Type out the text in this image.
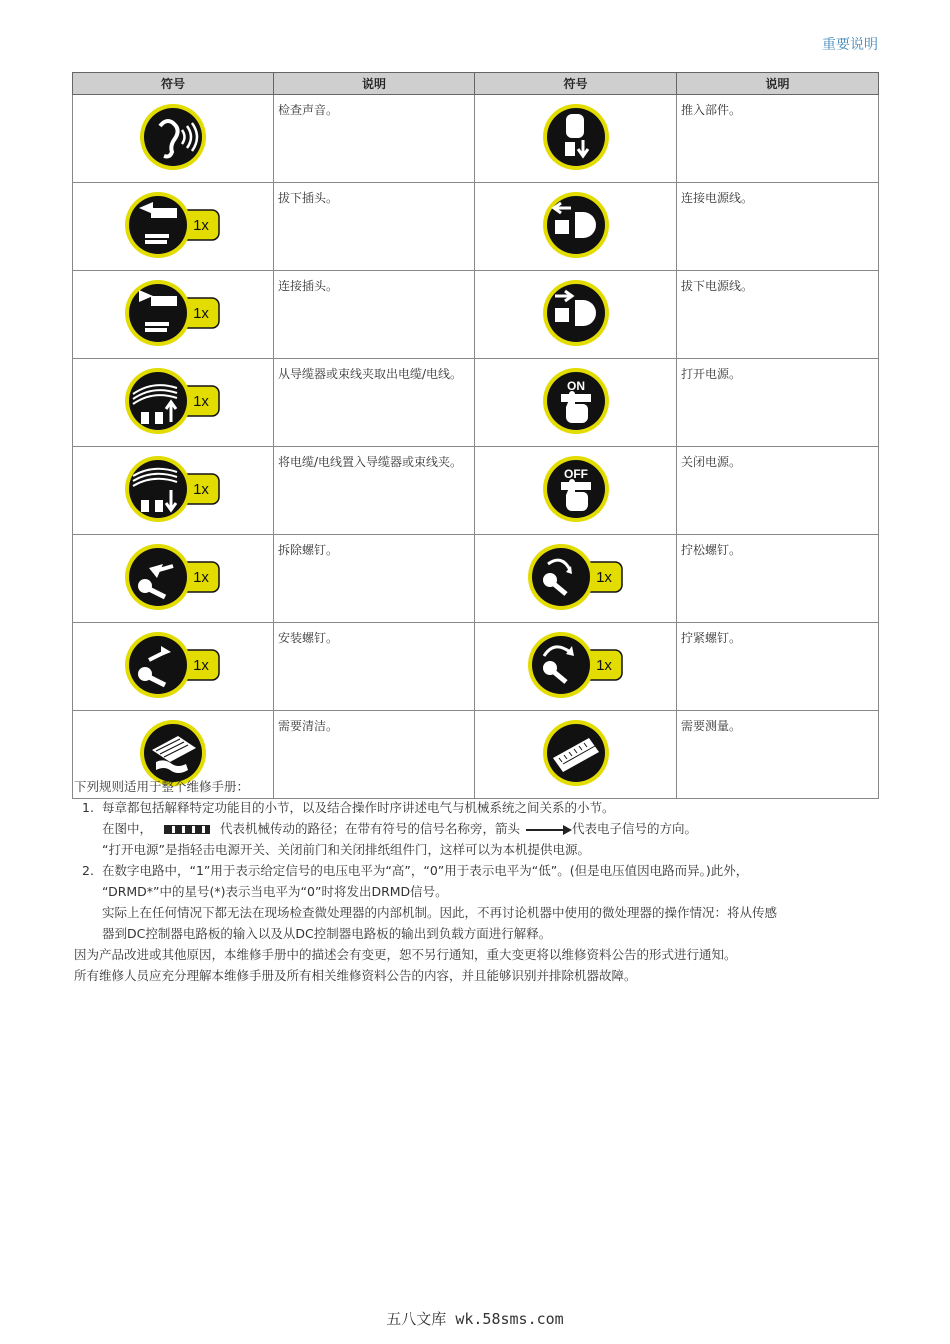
重要说明
符号	说明	符号	说明

	检查声音。		推入部件。

1x	拔下插头。		连接电源线。

1x	连接插头。		拔下电源线。

1x	从导缆器或束线夹取出电缆/电线。	ON	打开电源。

1x	将电缆/电线置入导缆器或束线夹。	OFF	关闭电源。

1x	拆除螺钉。	1x	拧松螺钉。

1x	安装螺钉。	1x	拧紧螺钉。

	需要清洁。		需要测量。

下列规则适用于整个维修手册：

1. 每章都包括解释特定功能目的小节，以及结合操作时序讲述电气与机械系统之间关系的小节。

在图中，	代表机械传动的路径；在带有符号的信号名称旁，箭头	代表电子信号的方向。

“打开电源”是指轻击电源开关、关闭前门和关闭排纸组件门，这样可以为本机提供电源。

2. 在数字电路中，“1”用于表示给定信号的电压电平为“高”，“0”用于表示电平为“低”。(但是电压值因电路而异。)此外，

“DRMD*”中的星号(*)表示当电平为“0”时将发出DRMD信号。

实际上在任何情况下都无法在现场检查微处理器的内部机制。因此，不再讨论机器中使用的微处理器的操作情况：将从传感

器到DC控制器电路板的输入以及从DC控制器电路板的输出到负载方面进行解释。

因为产品改进或其他原因，本维修手册中的描述会有变更，恕不另行通知，重大变更将以维修资料公告的形式进行通知。

所有维修人员应充分理解本维修手册及所有相关维修资料公告的内容，并且能够识别并排除机器故障。

五八文库 wk.58sms.com
